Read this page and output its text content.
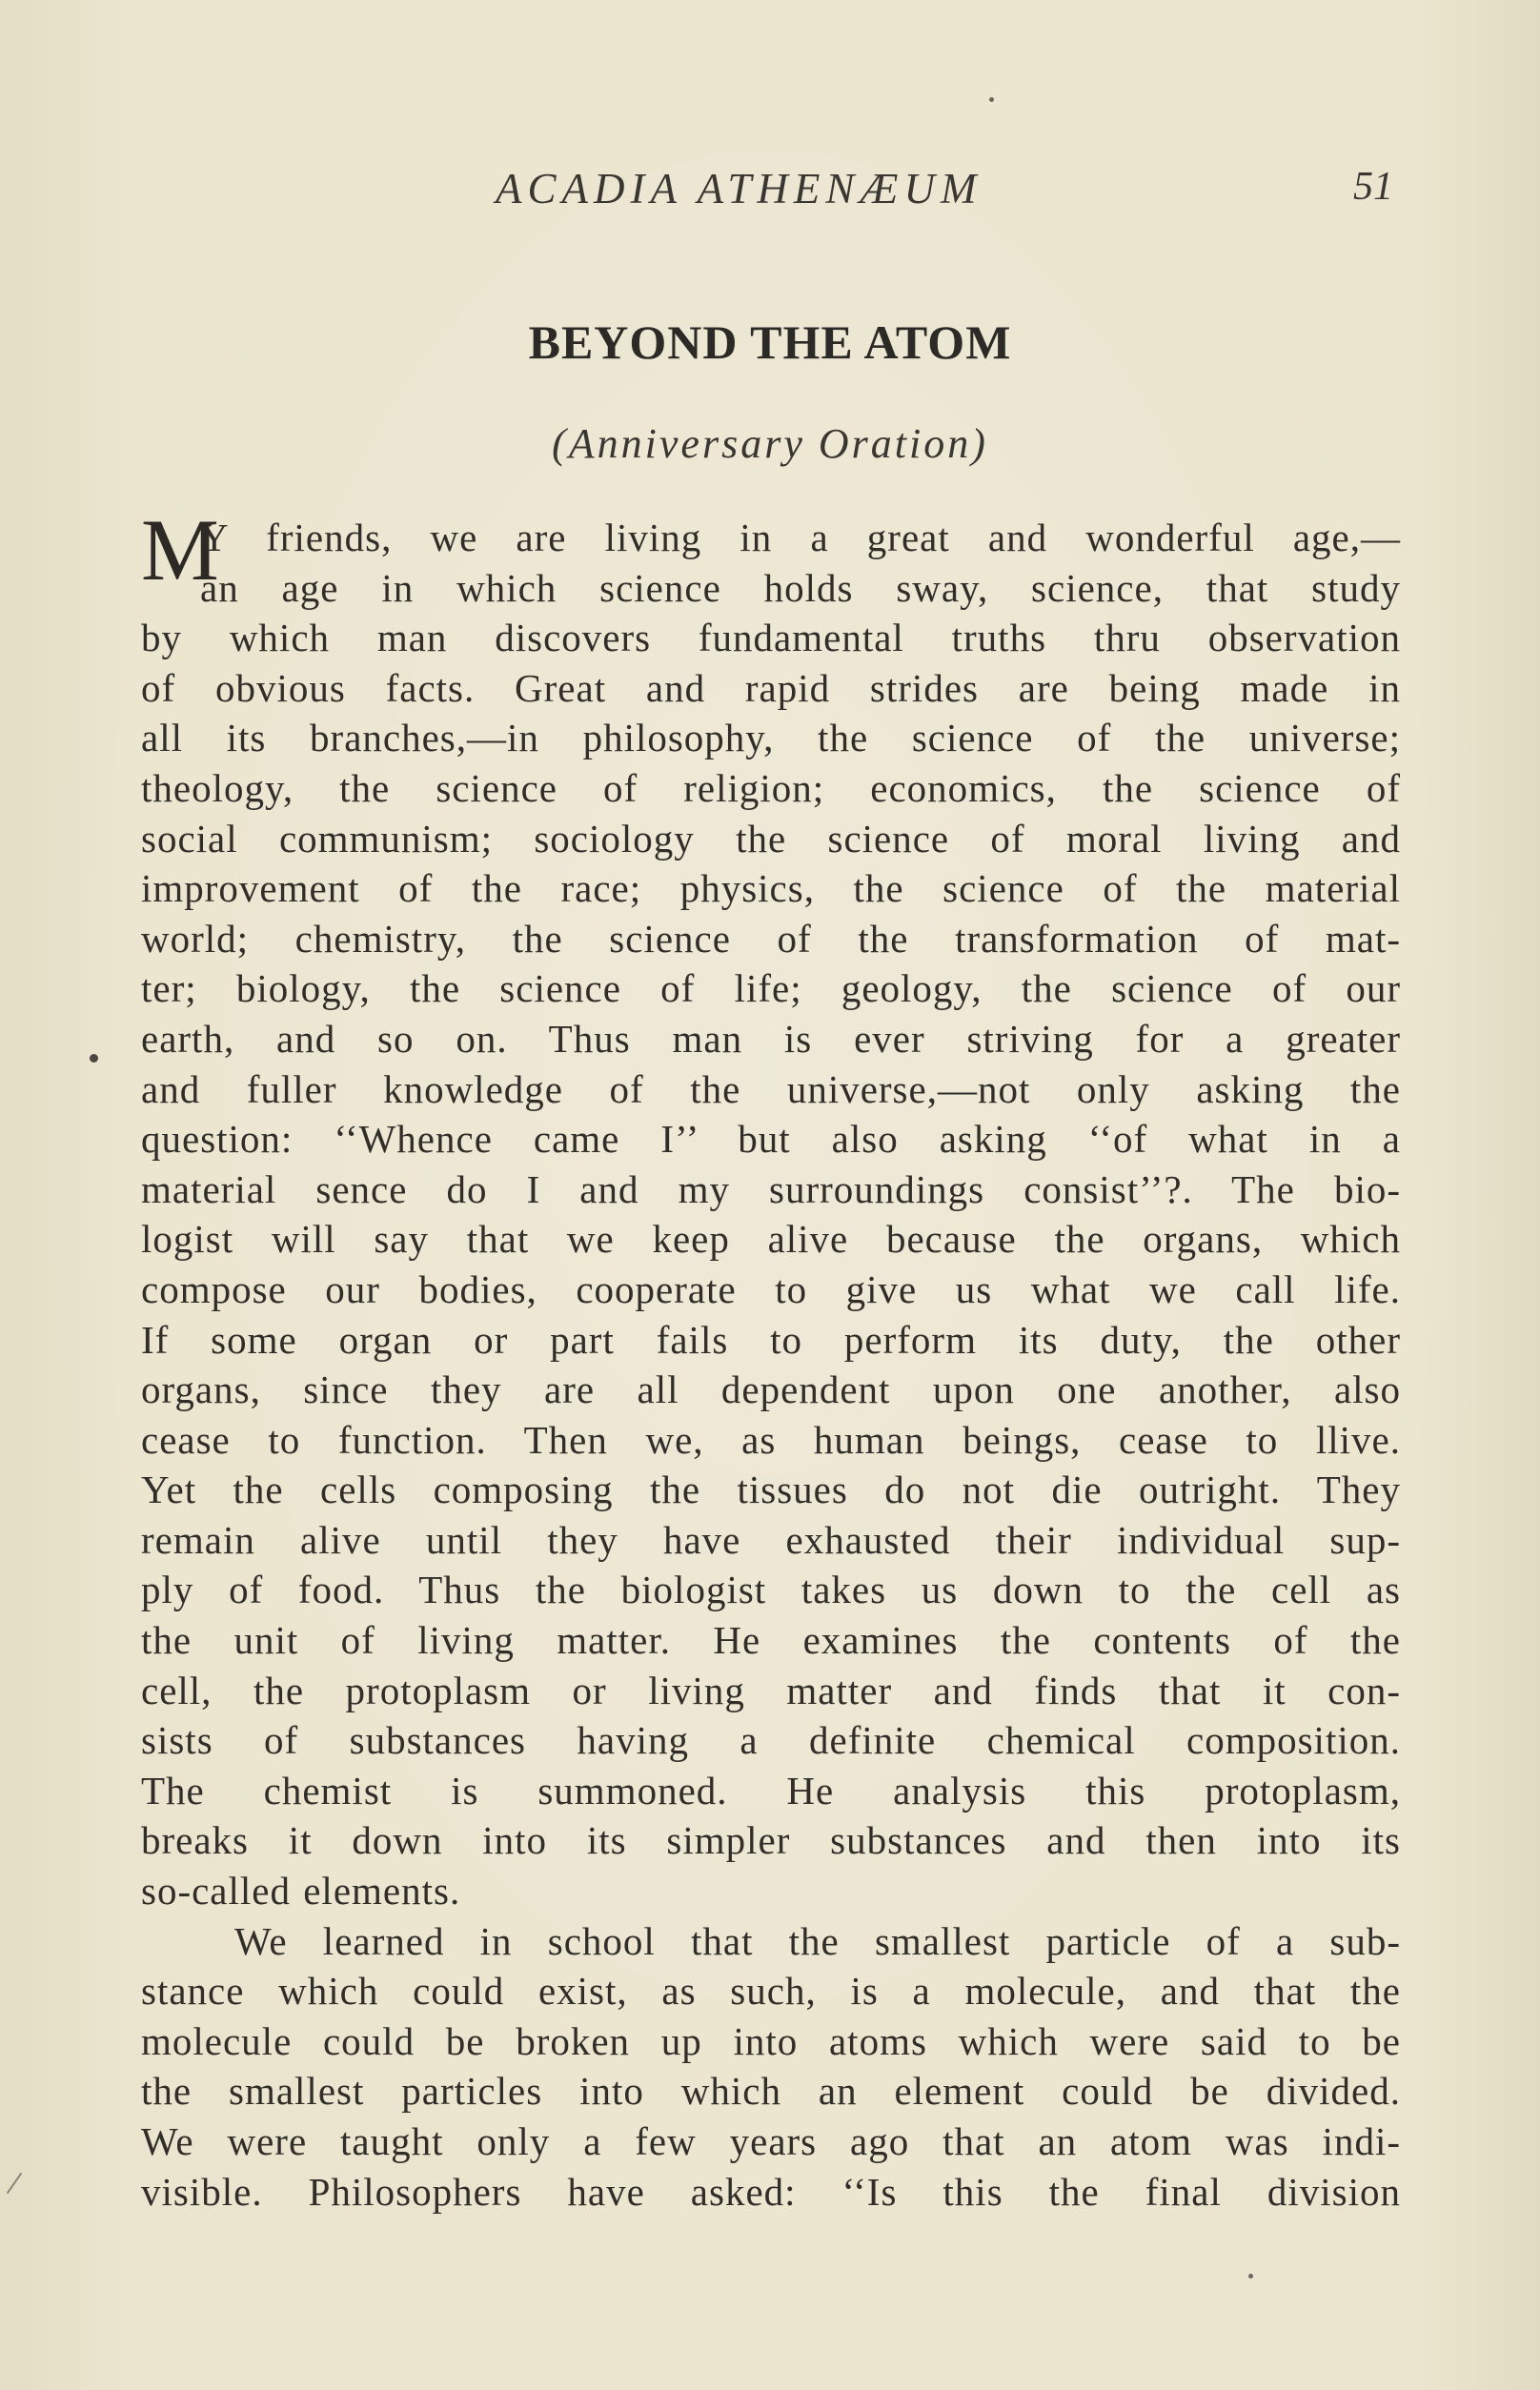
ACADIA ATHENÆUM	51
BEYOND THE ATOM
(Anniversary Oration)
M
Y friends, we are living in a great and wonderful age,—
an age in which science holds sway, science, that study
by which man discovers fundamental truths thru observation
of obvious facts. Great and rapid strides are being made in
all its branches,—in philosophy, the science of the universe;
theology, the science of religion; economics, the science of
social communism; sociology the science of moral living and
improvement of the race; physics, the science of the material
world; chemistry, the science of the transformation of mat-
ter; biology, the science of life; geology, the science of our
earth, and so on. Thus man is ever striving for a greater
and fuller knowledge of the universe,—not only asking the
question: ‘‘Whence came I’’ but also asking ‘‘of what in a
material sence do I and my surroundings consist’’?. The bio-
logist will say that we keep alive because the organs, which
compose our bodies, cooperate to give us what we call life.
If some organ or part fails to perform its duty, the other
organs, since they are all dependent upon one another, also
cease to function. Then we, as human beings, cease to llive.
Yet the cells composing the tissues do not die outright. They
remain alive until they have exhausted their individual sup-
ply of food. Thus the biologist takes us down to the cell as
the unit of living matter. He examines the contents of the
cell, the protoplasm or living matter and finds that it con-
sists of substances having a definite chemical composition.
The chemist is summoned. He analysis this protoplasm,
breaks it down into its simpler substances and then into its
so-called elements.
We learned in school that the smallest particle of a sub-
stance which could exist, as such, is a molecule, and that the
molecule could be broken up into atoms which were said to be
the smallest particles into which an element could be divided.
We were taught only a few years ago that an atom was indi-
visible. Philosophers have asked: ‘‘Is this the final division
